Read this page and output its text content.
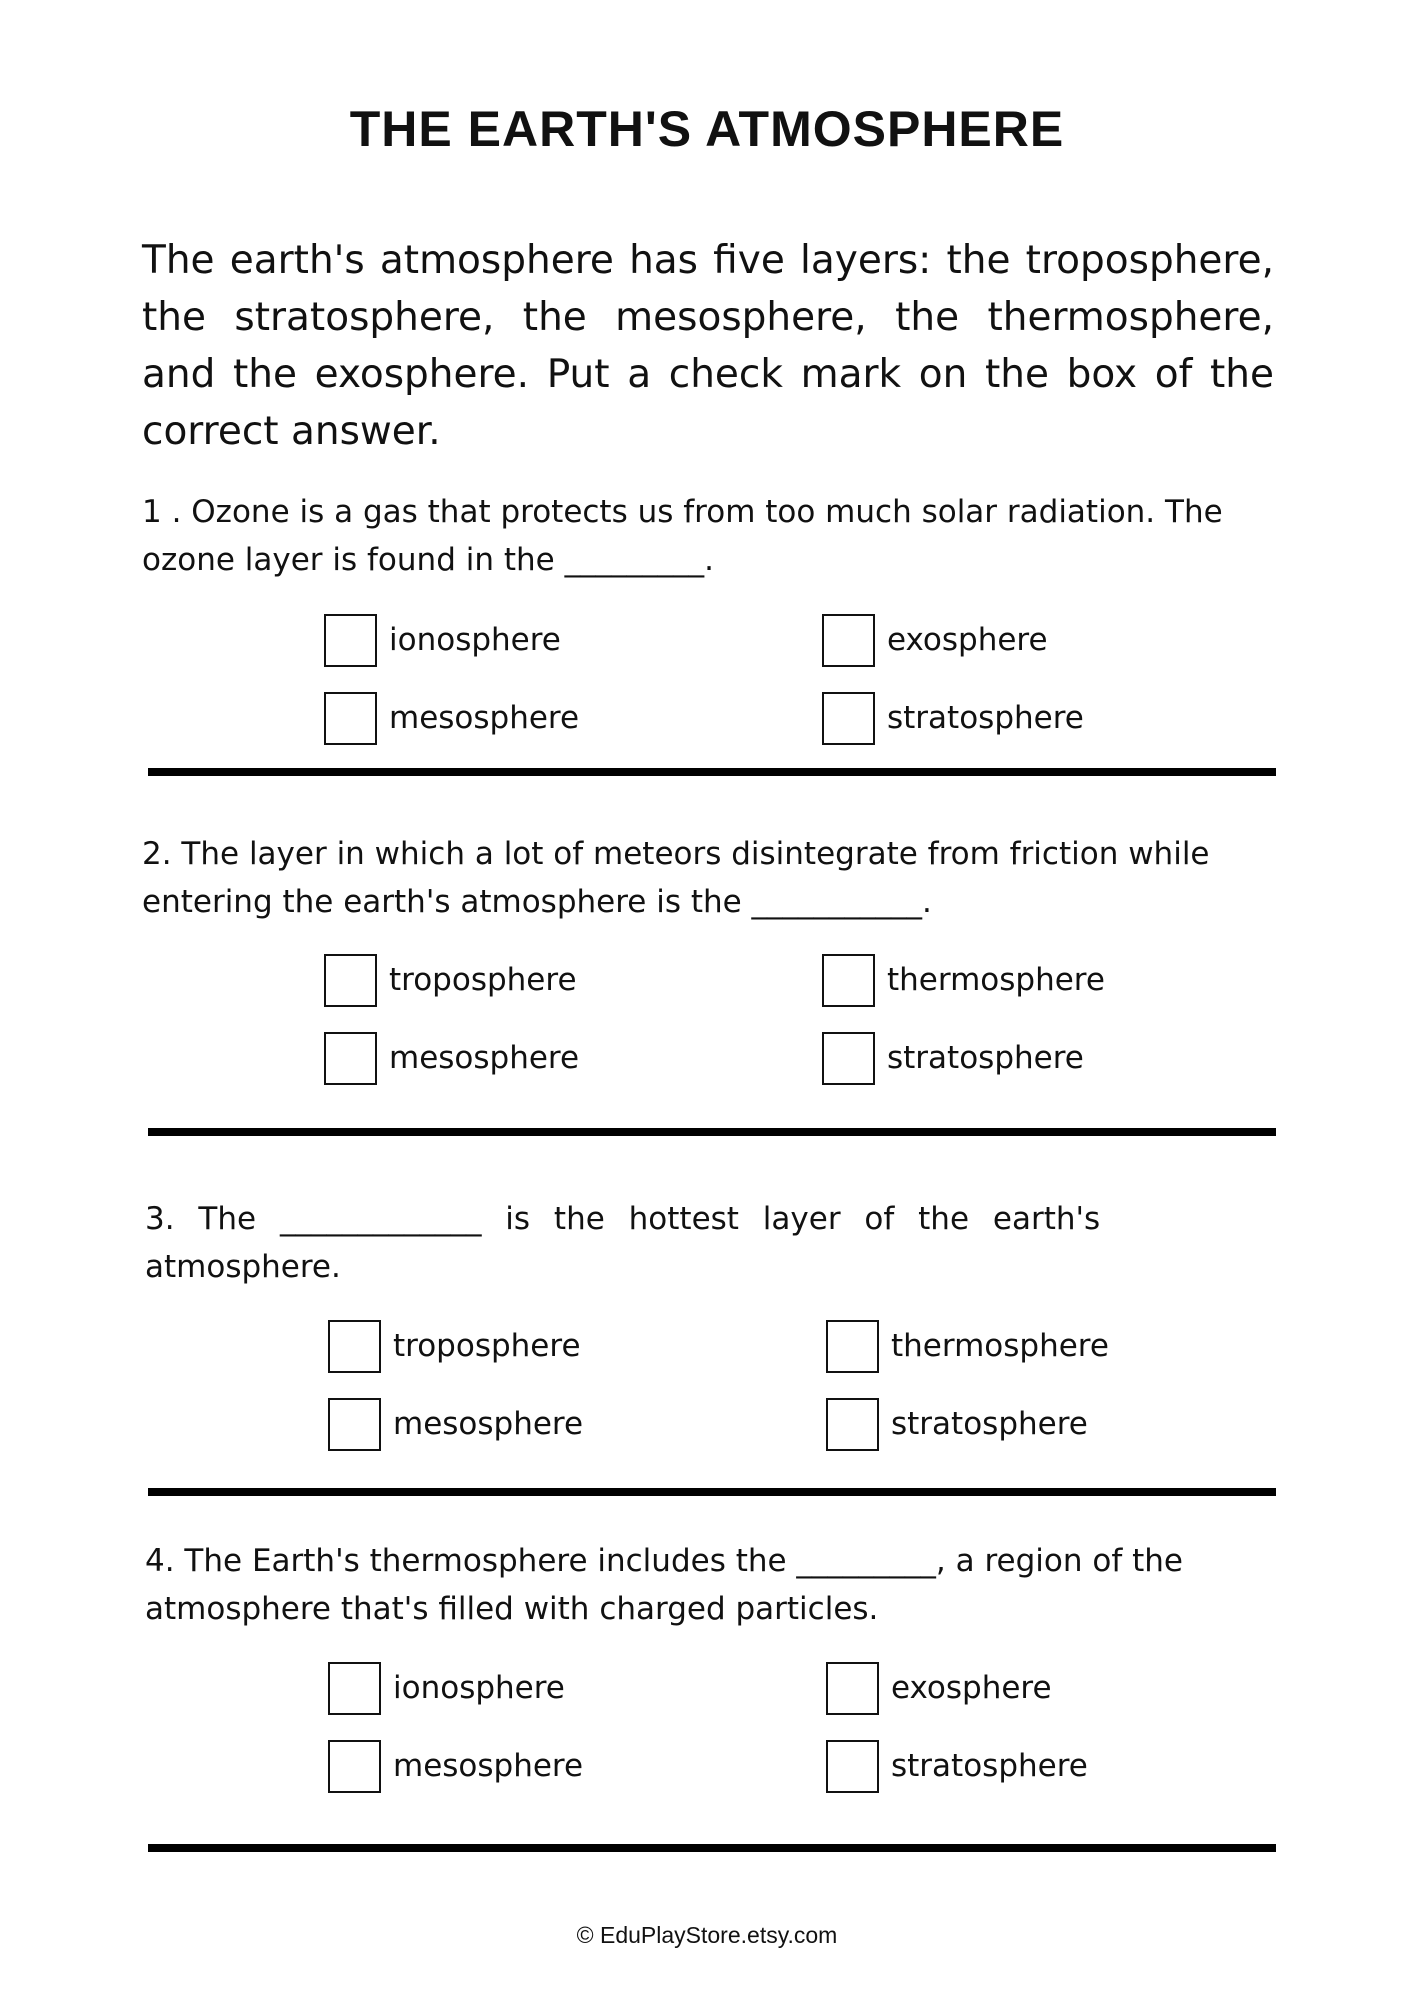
THE EARTH'S ATMOSPHERE

The earth's atmosphere has five layers: the troposphere, the stratosphere, the mesosphere, the thermosphere, and the exosphere. Put a check mark on the box of the correct answer.

1 . Ozone is a gas that protects us from too much solar radiation. The ozone layer is found in the _________.

ionosphere	exosphere
mesosphere	stratosphere

2. The layer in which a lot of meteors disintegrate from friction while entering the earth's atmosphere is the ___________.

troposphere	thermosphere
mesosphere	stratosphere

3. The _____________ is the hottest layer of the earth's atmosphere.

troposphere	thermosphere
mesosphere	stratosphere

4. The Earth's thermosphere includes the _________, a region of the atmosphere that's filled with charged particles.

ionosphere	exosphere
mesosphere	stratosphere
© EduPlayStore.etsy.com
